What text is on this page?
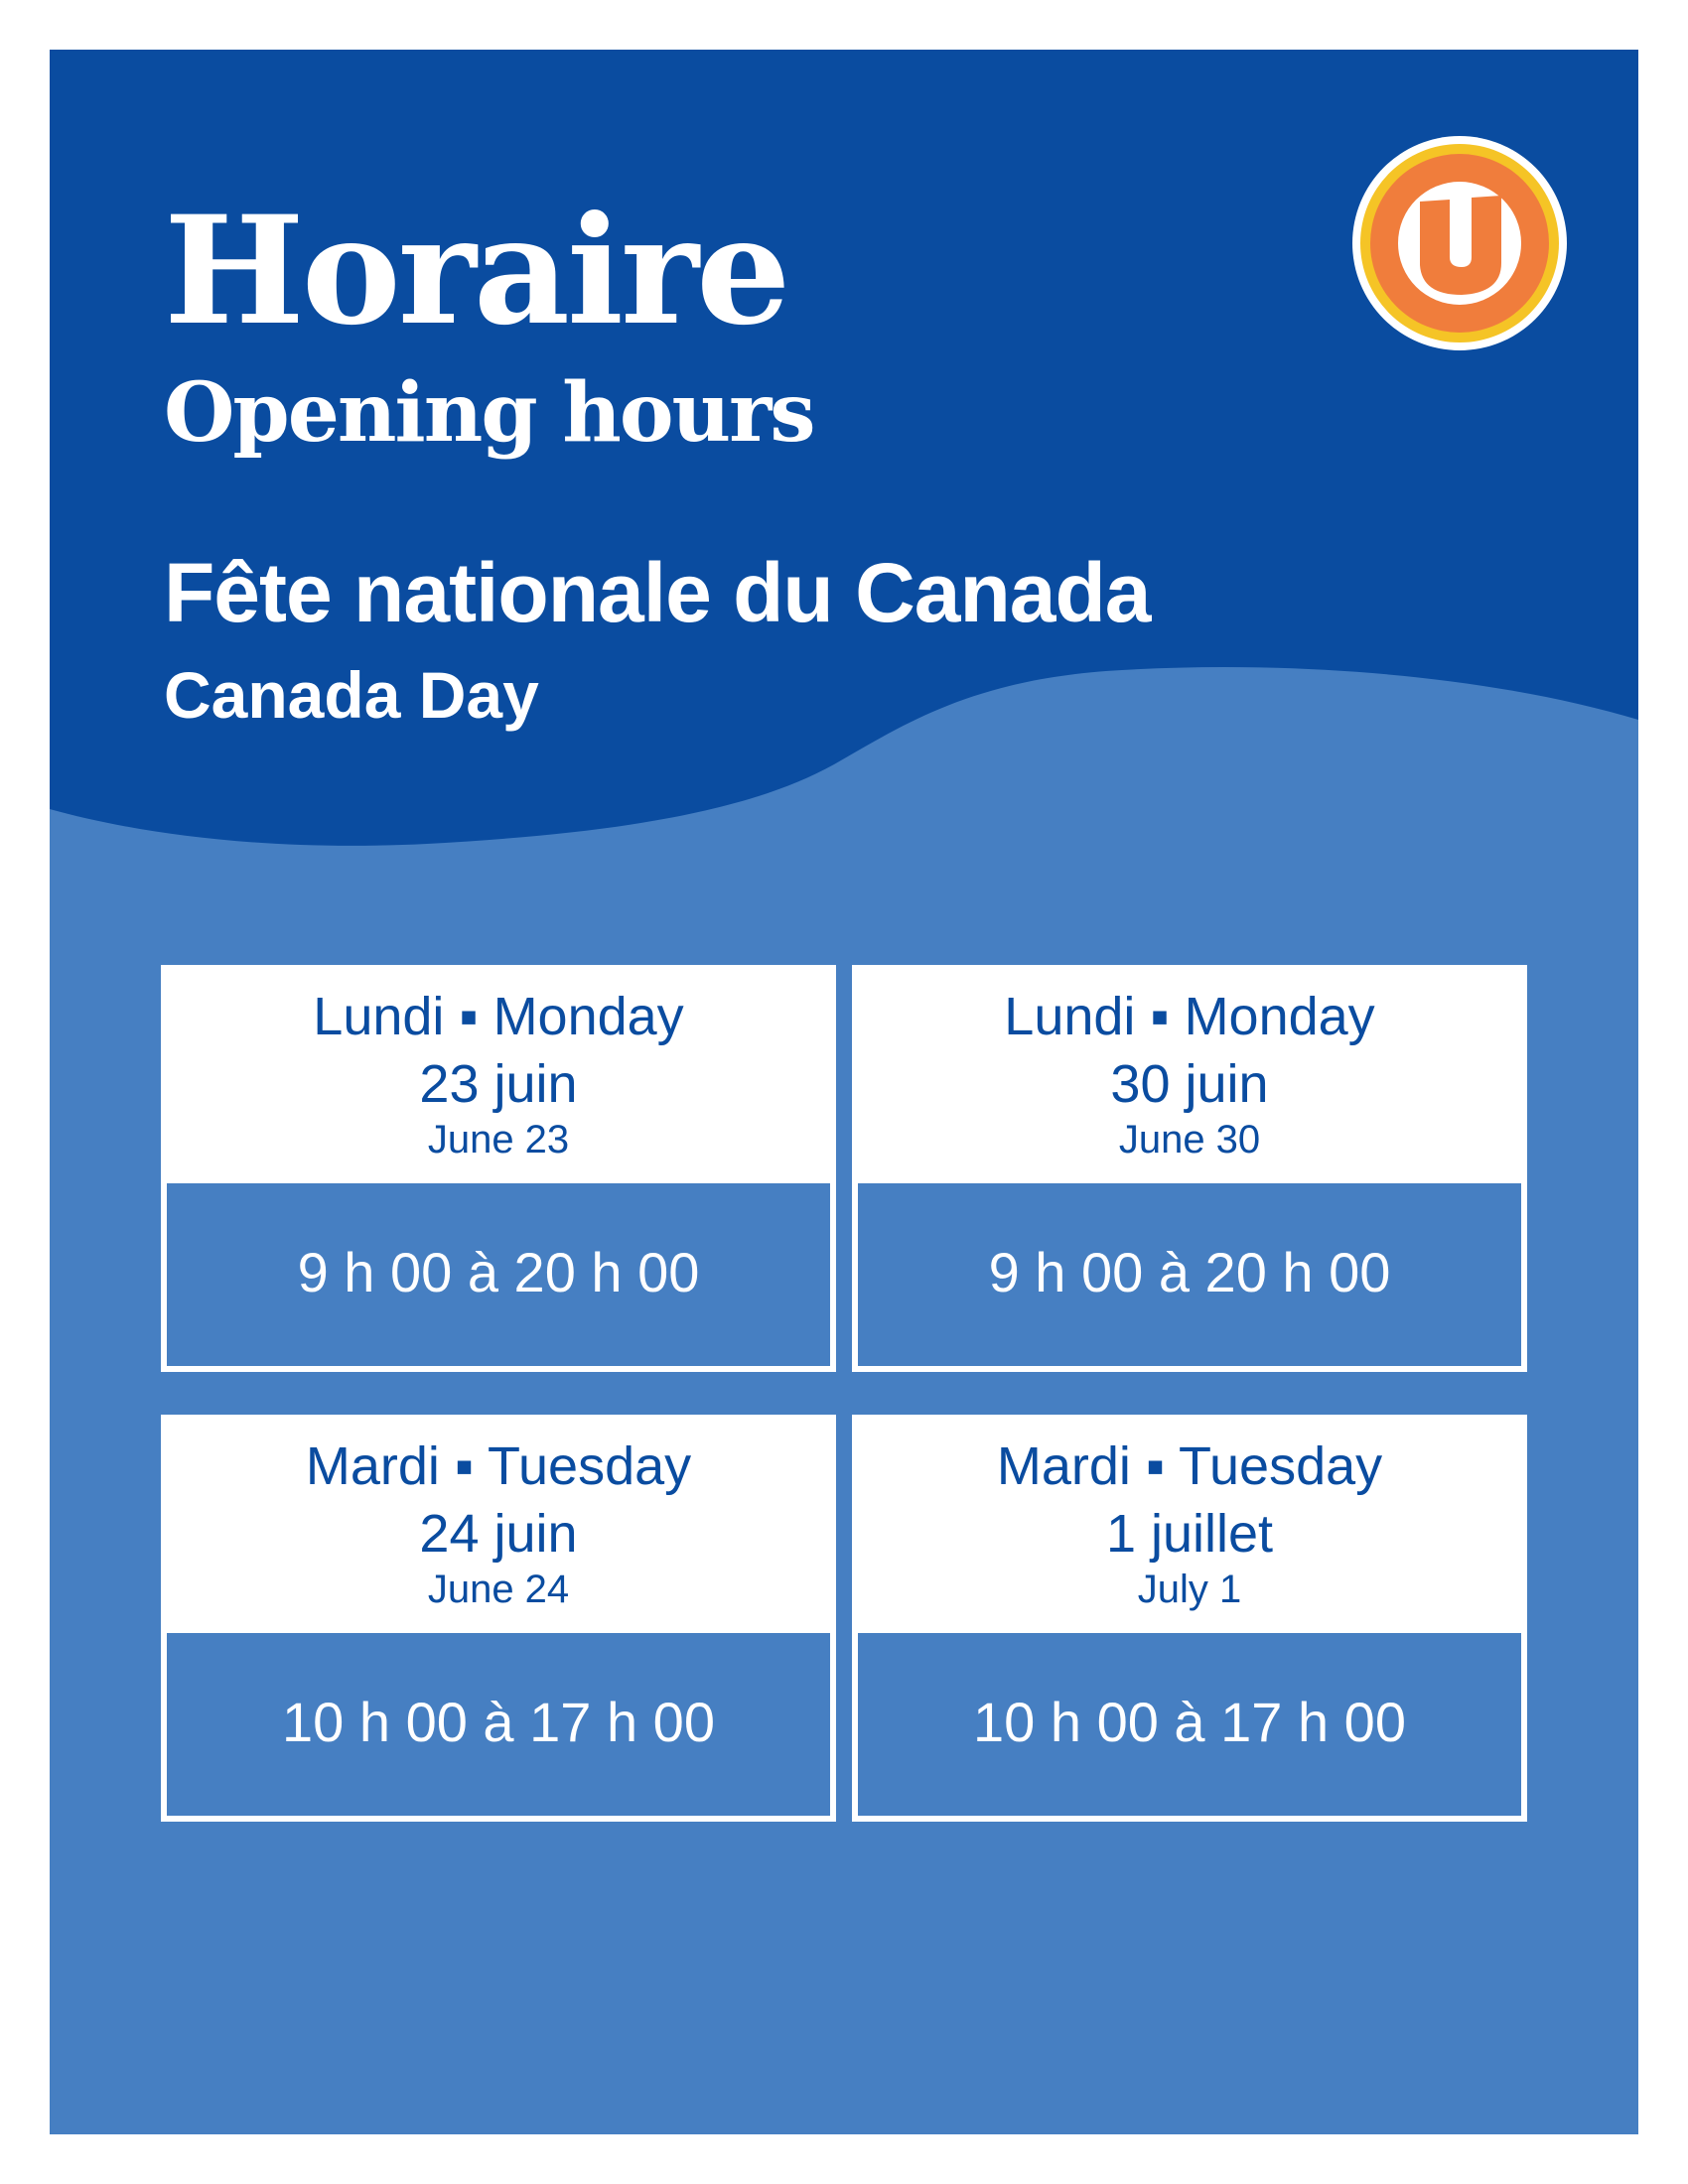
Horaire
Opening hours
Fête nationale du Canada
Canada Day
Lundi ▪ Monday
23 juin
June 23
9 h 00 à 20 h 00
Lundi ▪ Monday
30 juin
June 30
9 h 00 à 20 h 00
Mardi ▪ Tuesday
24 juin
June 24
10 h 00 à 17 h 00
Mardi ▪ Tuesday
1 juillet
July 1
10 h 00 à 17 h 00
